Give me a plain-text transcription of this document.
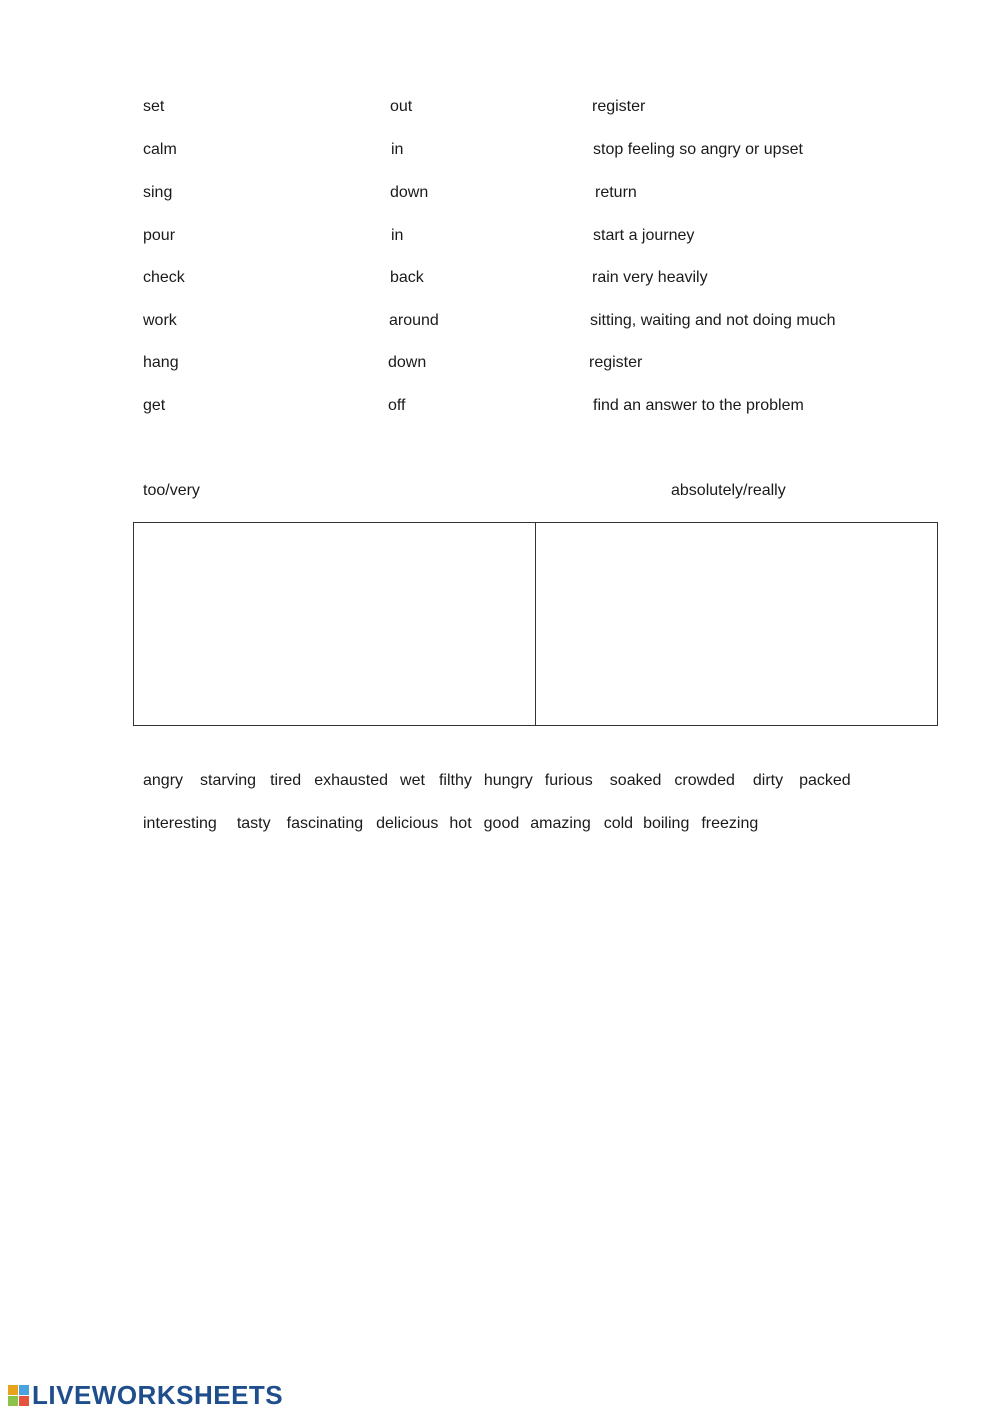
set	out	register
calm	in	stop feeling so angry or upset
sing	down	return
pour	in	start a journey
check	back	rain very heavily
work	around	sitting, waiting and not doing much
hang	down	register
get	off	find an answer to the problem
too/very	absolutely/really
angry starving tired exhausted wet filthy hungry furious soaked crowded dirty packed
interesting tasty fascinating delicious hot good amazing cold boiling freezing
LIVEWORKSHEETS
